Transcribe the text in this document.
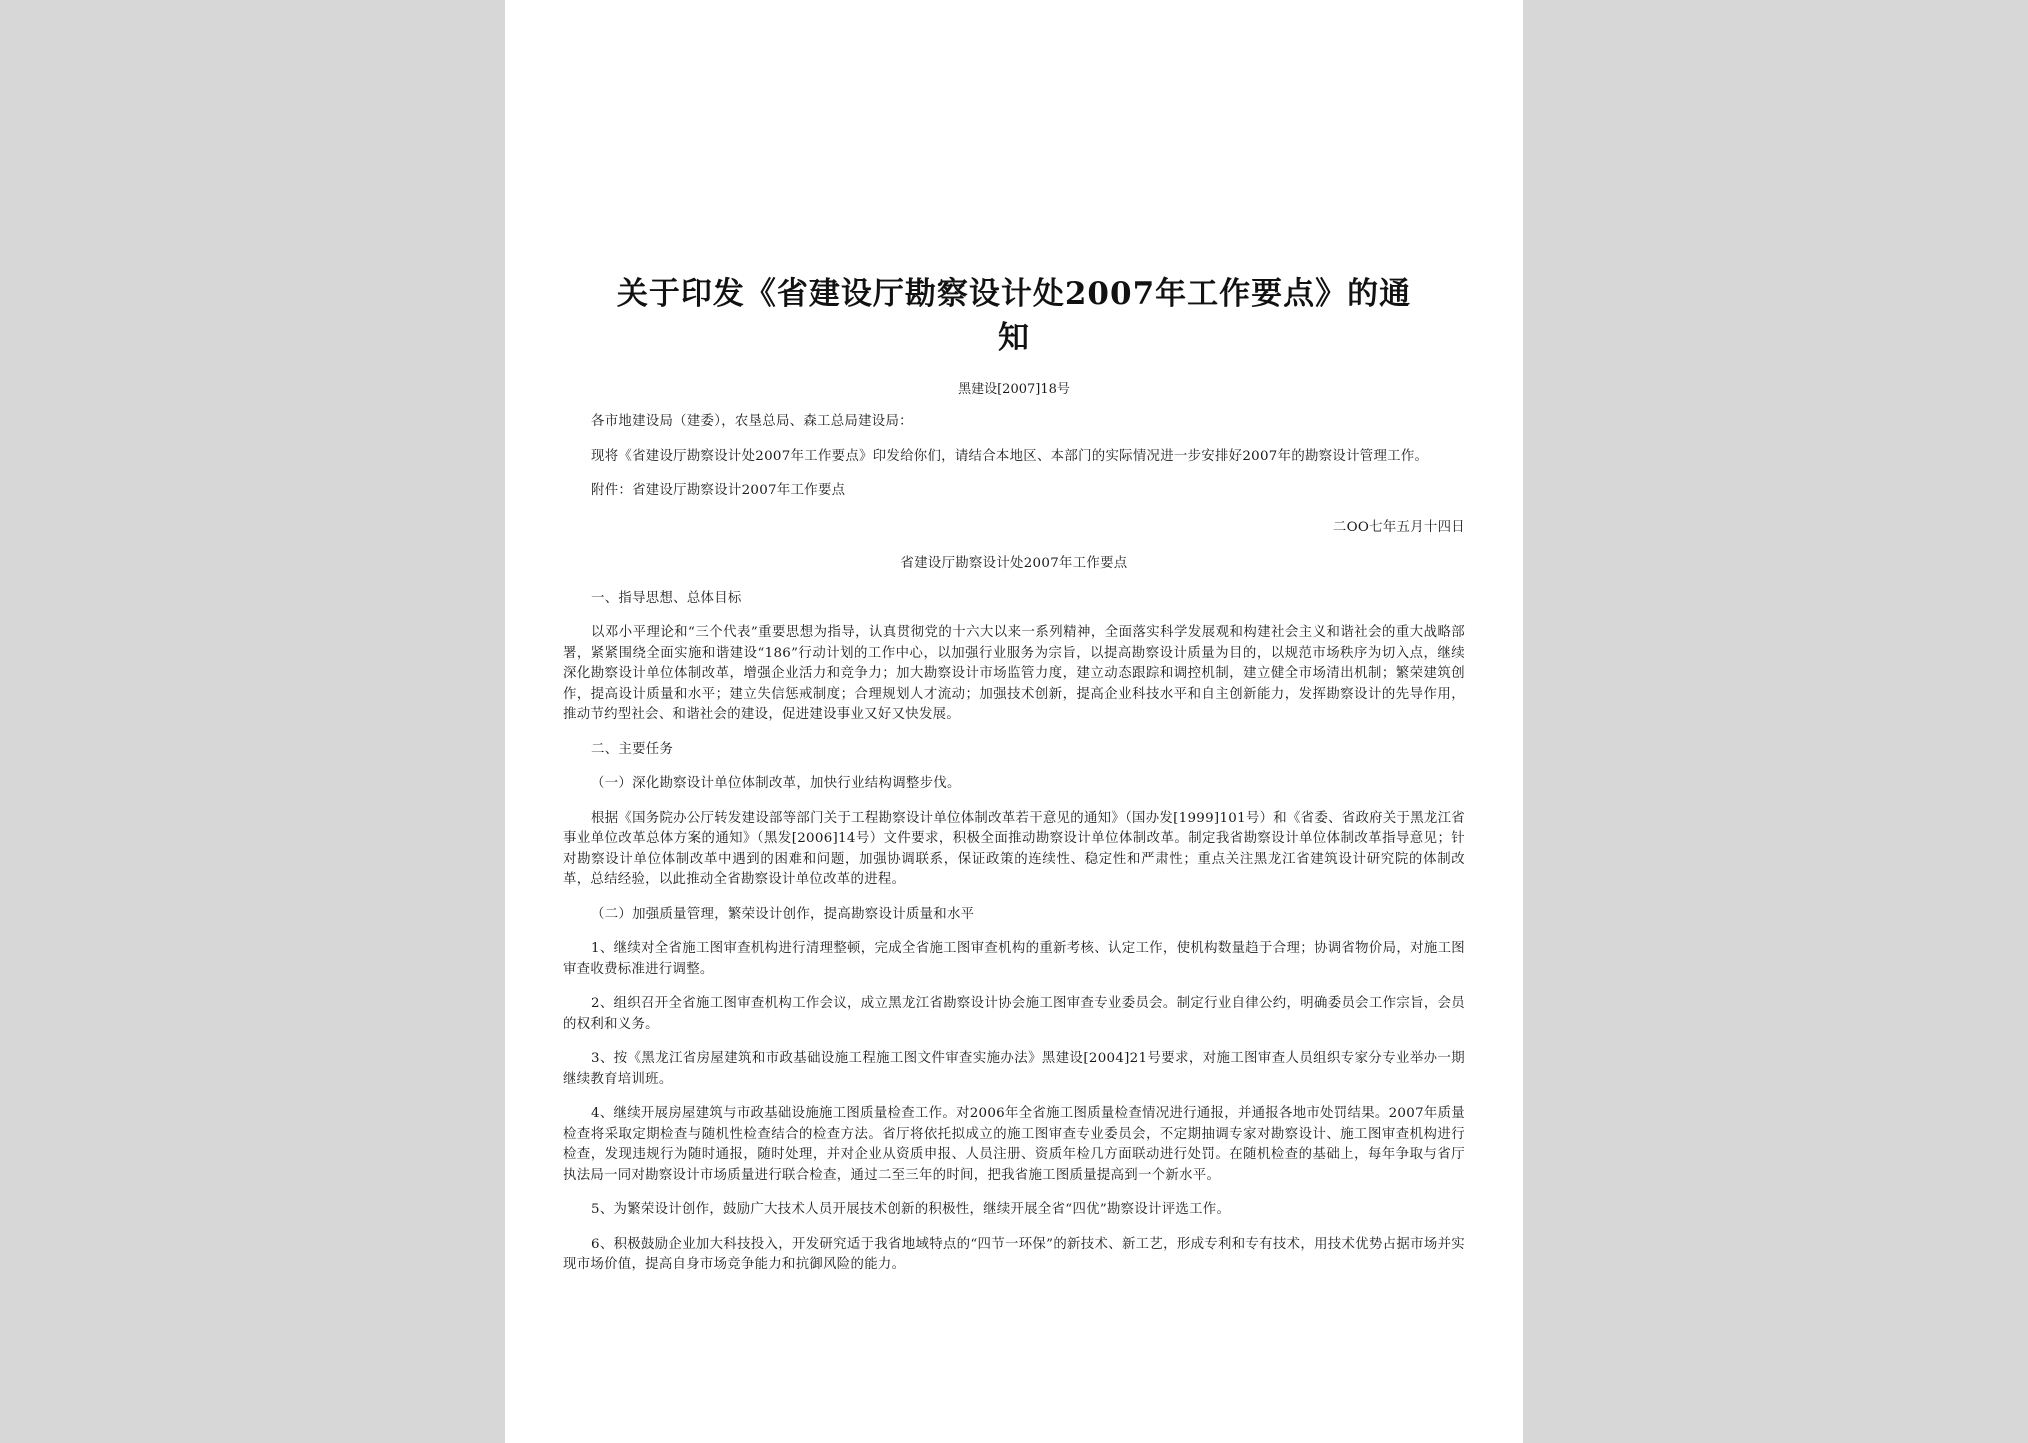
关于印发《省建设厅勘察设计处2007年工作要点》的通
知
黑建设[2007]18号

各市地建设局（建委），农垦总局、森工总局建设局：

现将《省建设厅勘察设计处2007年工作要点》印发给你们，请结合本地区、本部门的实际情况进一步安排好2007年的勘察设计管理工作。

附件：省建设厅勘察设计2007年工作要点

二OO七年五月十四日

省建设厅勘察设计处2007年工作要点

一、指导思想、总体目标

以邓小平理论和“三个代表”重要思想为指导，认真贯彻党的十六大以来一系列精神，全面落实科学发展观和构建社会主义和谐社会的重大战略部署，紧紧围绕全面实施和谐建设“186”行动计划的工作中心，以加强行业服务为宗旨，以提高勘察设计质量为目的，以规范市场秩序为切入点，继续深化勘察设计单位体制改革，增强企业活力和竞争力；加大勘察设计市场监管力度，建立动态跟踪和调控机制，建立健全市场清出机制；繁荣建筑创作，提高设计质量和水平；建立失信惩戒制度；合理规划人才流动；加强技术创新，提高企业科技水平和自主创新能力，发挥勘察设计的先导作用，推动节约型社会、和谐社会的建设，促进建设事业又好又快发展。

二、主要任务

（一）深化勘察设计单位体制改革，加快行业结构调整步伐。

根据《国务院办公厅转发建设部等部门关于工程勘察设计单位体制改革若干意见的通知》（国办发[1999]101号）和《省委、省政府关于黑龙江省事业单位改革总体方案的通知》（黑发[2006]14号）文件要求，积极全面推动勘察设计单位体制改革。制定我省勘察设计单位体制改革指导意见；针对勘察设计单位体制改革中遇到的困难和问题，加强协调联系，保证政策的连续性、稳定性和严肃性；重点关注黑龙江省建筑设计研究院的体制改革，总结经验，以此推动全省勘察设计单位改革的进程。

（二）加强质量管理，繁荣设计创作，提高勘察设计质量和水平

1、继续对全省施工图审查机构进行清理整顿，完成全省施工图审查机构的重新考核、认定工作，使机构数量趋于合理；协调省物价局，对施工图审查收费标准进行调整。

2、组织召开全省施工图审查机构工作会议，成立黑龙江省勘察设计协会施工图审查专业委员会。制定行业自律公约，明确委员会工作宗旨，会员的权利和义务。

3、按《黑龙江省房屋建筑和市政基础设施工程施工图文件审查实施办法》黑建设[2004]21号要求，对施工图审查人员组织专家分专业举办一期继续教育培训班。

4、继续开展房屋建筑与市政基础设施施工图质量检查工作。对2006年全省施工图质量检查情况进行通报，并通报各地市处罚结果。2007年质量检查将采取定期检查与随机性检查结合的检查方法。省厅将依托拟成立的施工图审查专业委员会，不定期抽调专家对勘察设计、施工图审查机构进行检查，发现违规行为随时通报，随时处理，并对企业从资质申报、人员注册、资质年检几方面联动进行处罚。在随机检查的基础上，每年争取与省厅执法局一同对勘察设计市场质量进行联合检查，通过二至三年的时间，把我省施工图质量提高到一个新水平。

5、为繁荣设计创作，鼓励广大技术人员开展技术创新的积极性，继续开展全省“四优”勘察设计评选工作。

6、积极鼓励企业加大科技投入，开发研究适于我省地域特点的“四节一环保”的新技术、新工艺，形成专利和专有技术，用技术优势占据市场并实现市场价值，提高自身市场竞争能力和抗御风险的能力。
